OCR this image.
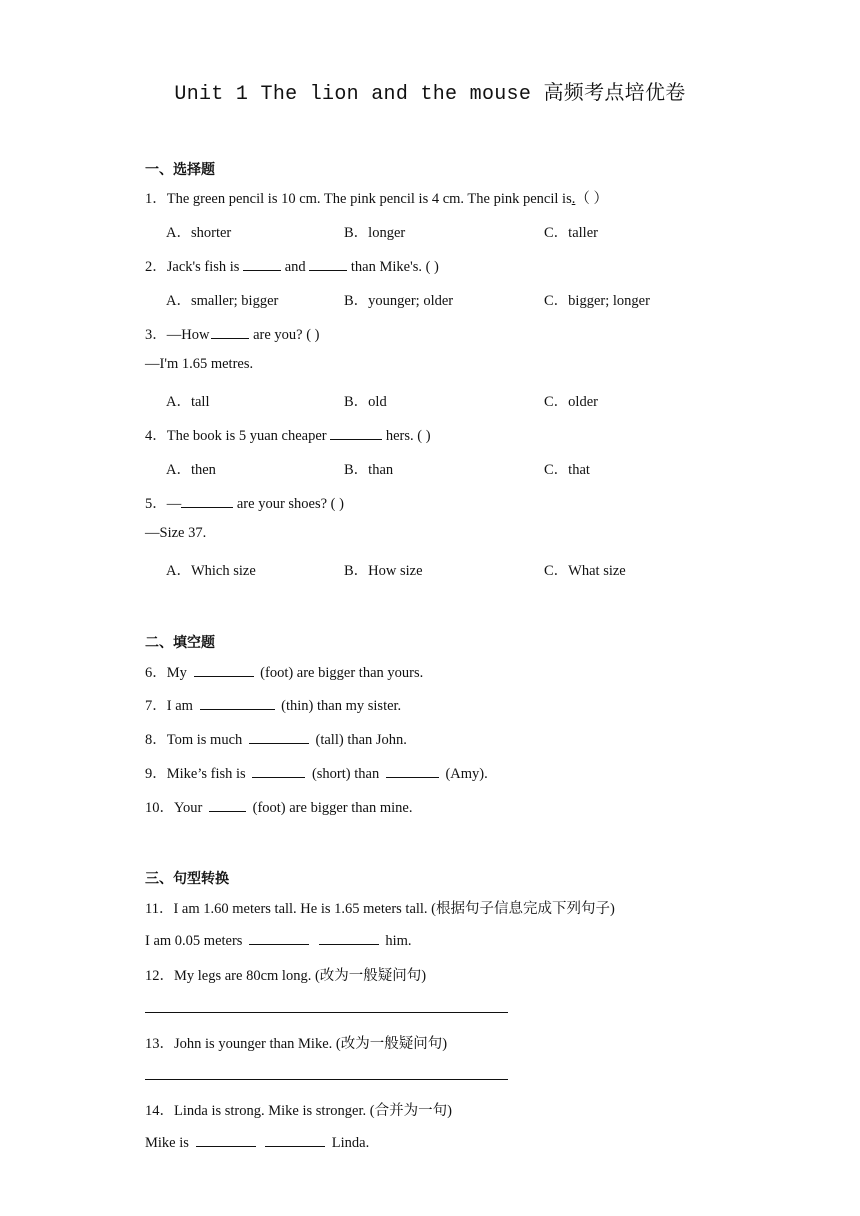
Unit 1 The lion and the mouse 高频考点培优卷
一、选择题
1．The green pencil is 10 cm. The pink pencil is 4 cm. The pink pencil is.（ ）
A．shorter	B．longer	C．taller
2．Jack's fish is	and	than Mike's. ( )
A．smaller; bigger	B．younger; older	C．bigger; longer
3．—How	are you? ( )
—I'm 1.65 metres.
A．tall	B．old	C．older
4．The book is 5 yuan cheaper	hers. ( )
A．then	B．than	C．that
5．—	are your shoes? ( )
—Size 37.
A．Which size	B．How size	C．What size
二、填空题
6．My	(foot) are bigger than yours.
7．I am	(thin) than my sister.
8．Tom is much	(tall) than John.
9．Mike’s fish is	(short) than	(Amy).
10．Your	(foot) are bigger than mine.
三、句型转换
11．I am 1.60 meters tall. He is 1.65 meters tall. (根据句子信息完成下列句子)
I am 0.05 meters	him.
12．My legs are 80cm long. (改为一般疑问句)
13．John is younger than Mike. (改为一般疑问句)
14．Linda is strong. Mike is stronger. (合并为一句)
Mike is	Linda.
